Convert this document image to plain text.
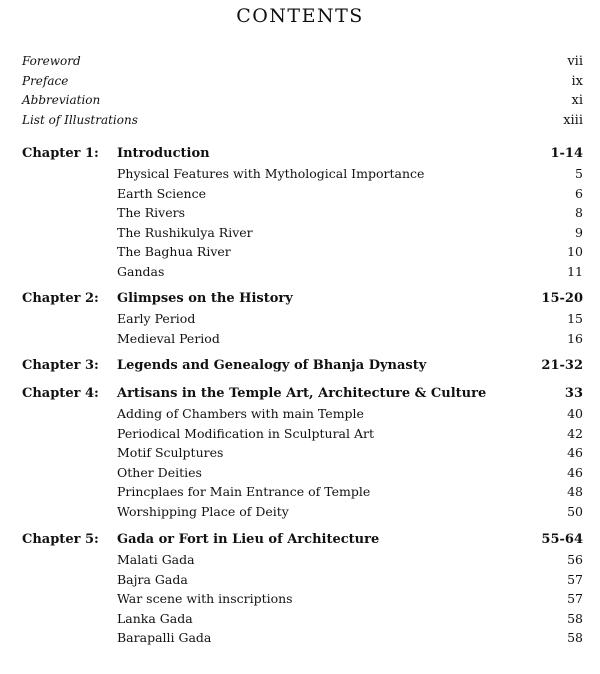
CONTENTS
Foreword	vii
Preface	ix
Abbreviation	xi
List of Illustrations	xiii
Chapter 1: Introduction	1-14
Physical Features with Mythological Importance	5
Earth Science	6
The Rivers	8
The Rushikulya River	9
The Baghua River	10
Gandas	11
Chapter 2: Glimpses on the History	15-20
Early Period	15
Medieval Period	16
Chapter 3: Legends and Genealogy of Bhanja Dynasty	21-32
Chapter 4: Artisans in the Temple Art, Architecture & Culture	33
Adding of Chambers with main Temple	40
Periodical Modification in Sculptural Art	42
Motif Sculptures	46
Other Deities	46
Princplaes for Main Entrance of Temple	48
Worshipping Place of Deity	50
Chapter 5: Gada or Fort in Lieu of Architecture	55-64
Malati Gada	56
Bajra Gada	57
War scene with inscriptions	57
Lanka Gada	58
Barapalli Gada	58
